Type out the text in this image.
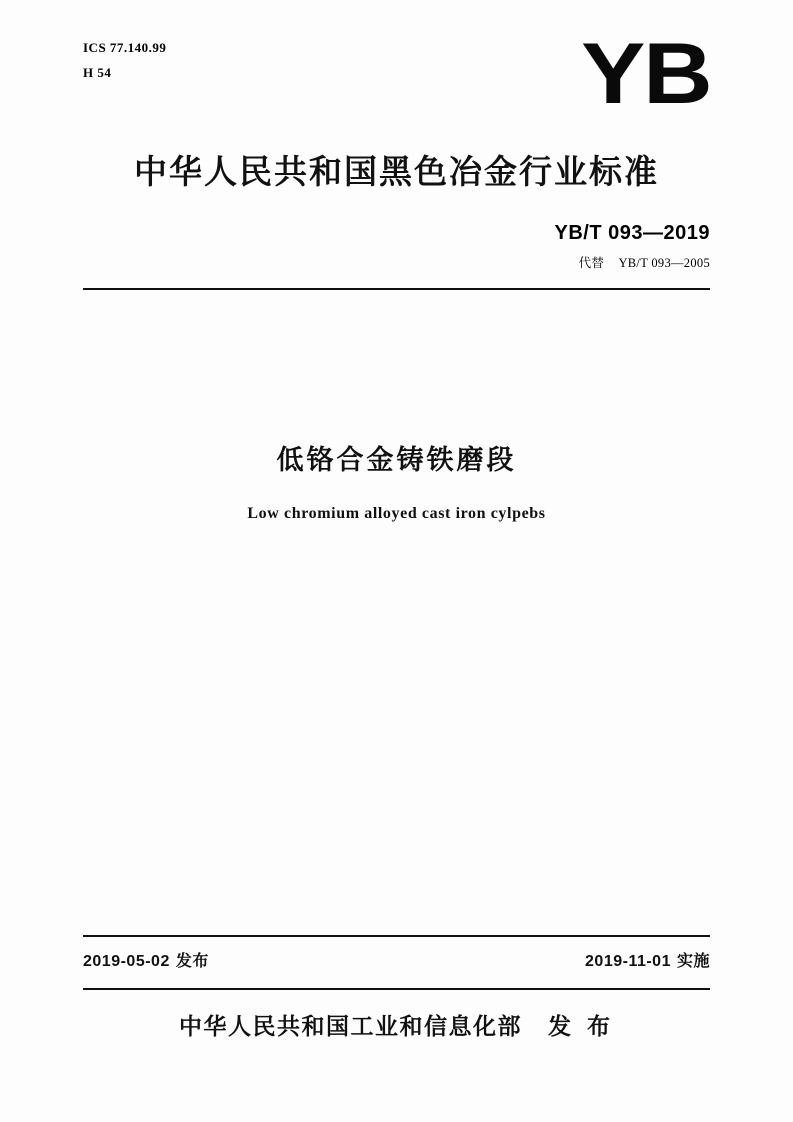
ICS 77.140.99
H 54	YB
中华人民共和国黑色冶金行业标准
YB/T 093—2019
代替 YB/T 093—2005
低铬合金铸铁磨段
Low chromium alloyed cast iron cylpebs
2019-05-02 发布	2019-11-01 实施
中华人民共和国工业和信息化部 发 布
